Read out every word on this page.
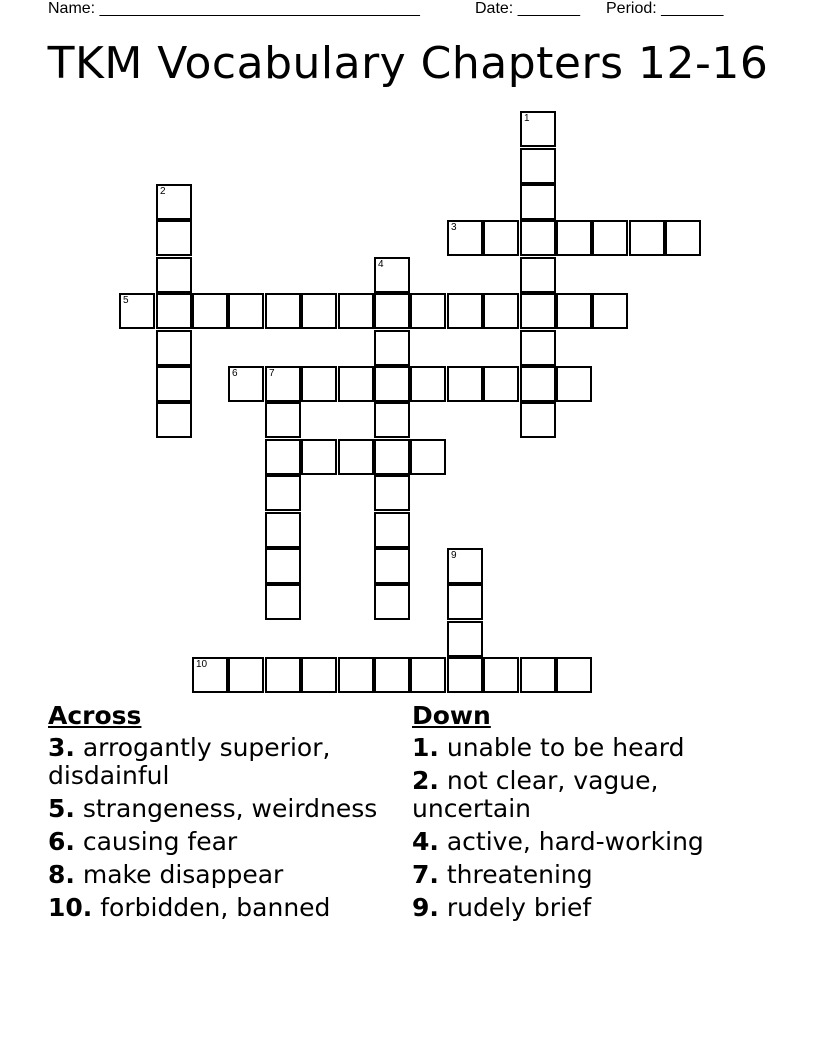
Name: ____________________________________	Date: _______ Period: _______
TKM Vocabulary Chapters 12-16
1
2
3
4
5
6	7
9
10
Across
3. arrogantly superior, disdainful
5. strangeness, weirdness
6. causing fear
8. make disappear
10. forbidden, banned
Down
1. unable to be heard
2. not clear, vague, uncertain
4. active, hard-working
7. threatening
9. rudely brief
